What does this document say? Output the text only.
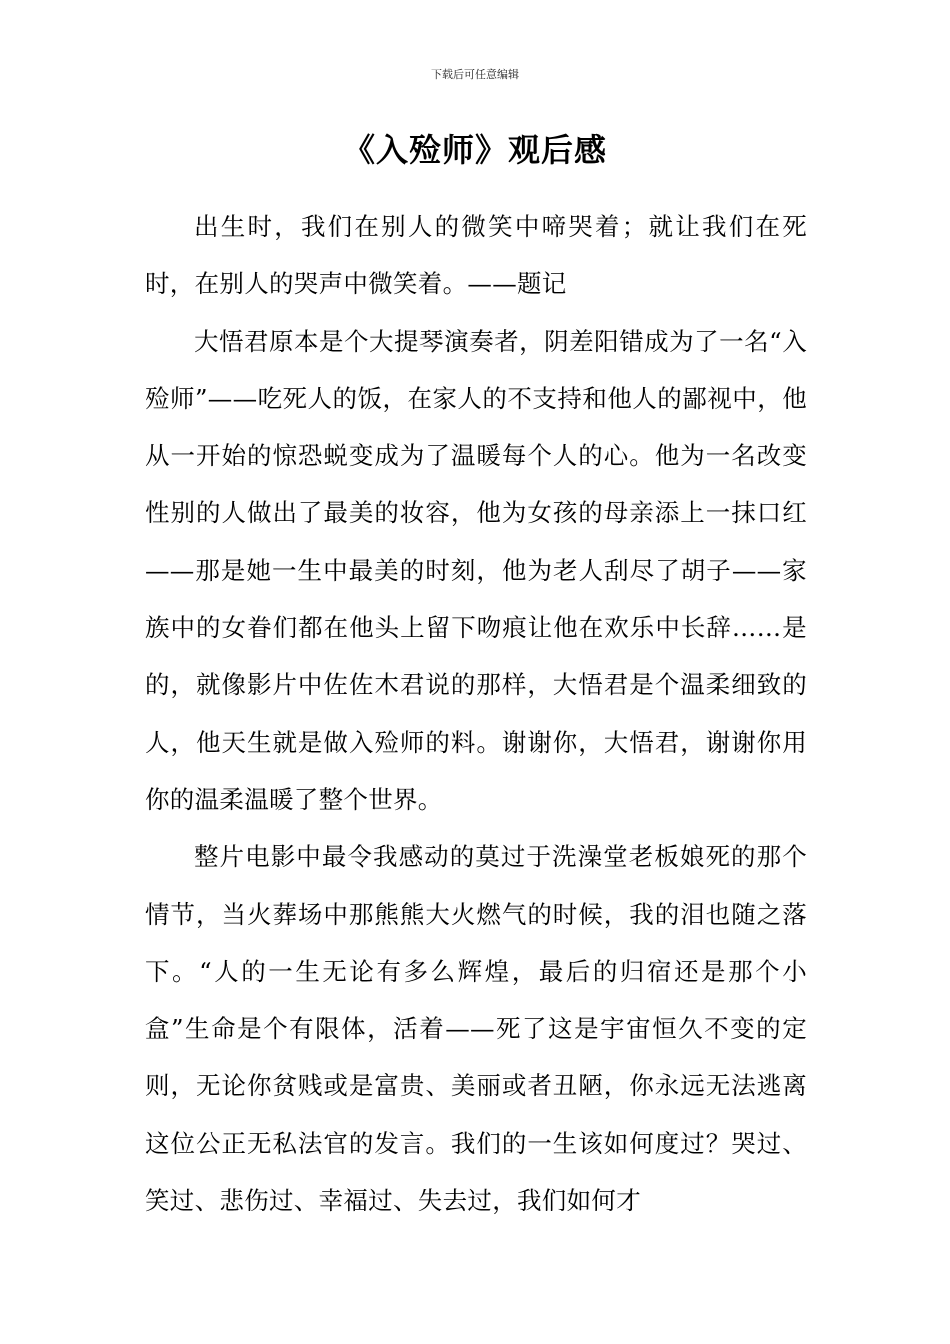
下载后可任意编辑
《入殓师》观后感

出生时，我们在别人的微笑中啼哭着；就让我们在死时，在别人的哭声中微笑着。——题记

大悟君原本是个大提琴演奏者，阴差阳错成为了一名“入殓师”——吃死人的饭，在家人的不支持和他人的鄙视中，他从一开始的惊恐蜕变成为了温暖每个人的心。他为一名改变性别的人做出了最美的妆容，他为女孩的母亲添上一抹口红——那是她一生中最美的时刻，他为老人刮尽了胡子——家族中的女眷们都在他头上留下吻痕让他在欢乐中长辞……是的，就像影片中佐佐木君说的那样，大悟君是个温柔细致的人，他天生就是做入殓师的料。谢谢你，大悟君，谢谢你用你的温柔温暖了整个世界。

整片电影中最令我感动的莫过于洗澡堂老板娘死的那个情节，当火葬场中那熊熊大火燃气的时候，我的泪也随之落下。“人的一生无论有多么辉煌，最后的归宿还是那个小盒”生命是个有限体，活着——死了这是宇宙恒久不变的定则，无论你贫贱或是富贵、美丽或者丑陋，你永远无法逃离这位公正无私法官的发言。我们的一生该如何度过？哭过、笑过、悲伤过、幸福过、失去过，我们如何才
